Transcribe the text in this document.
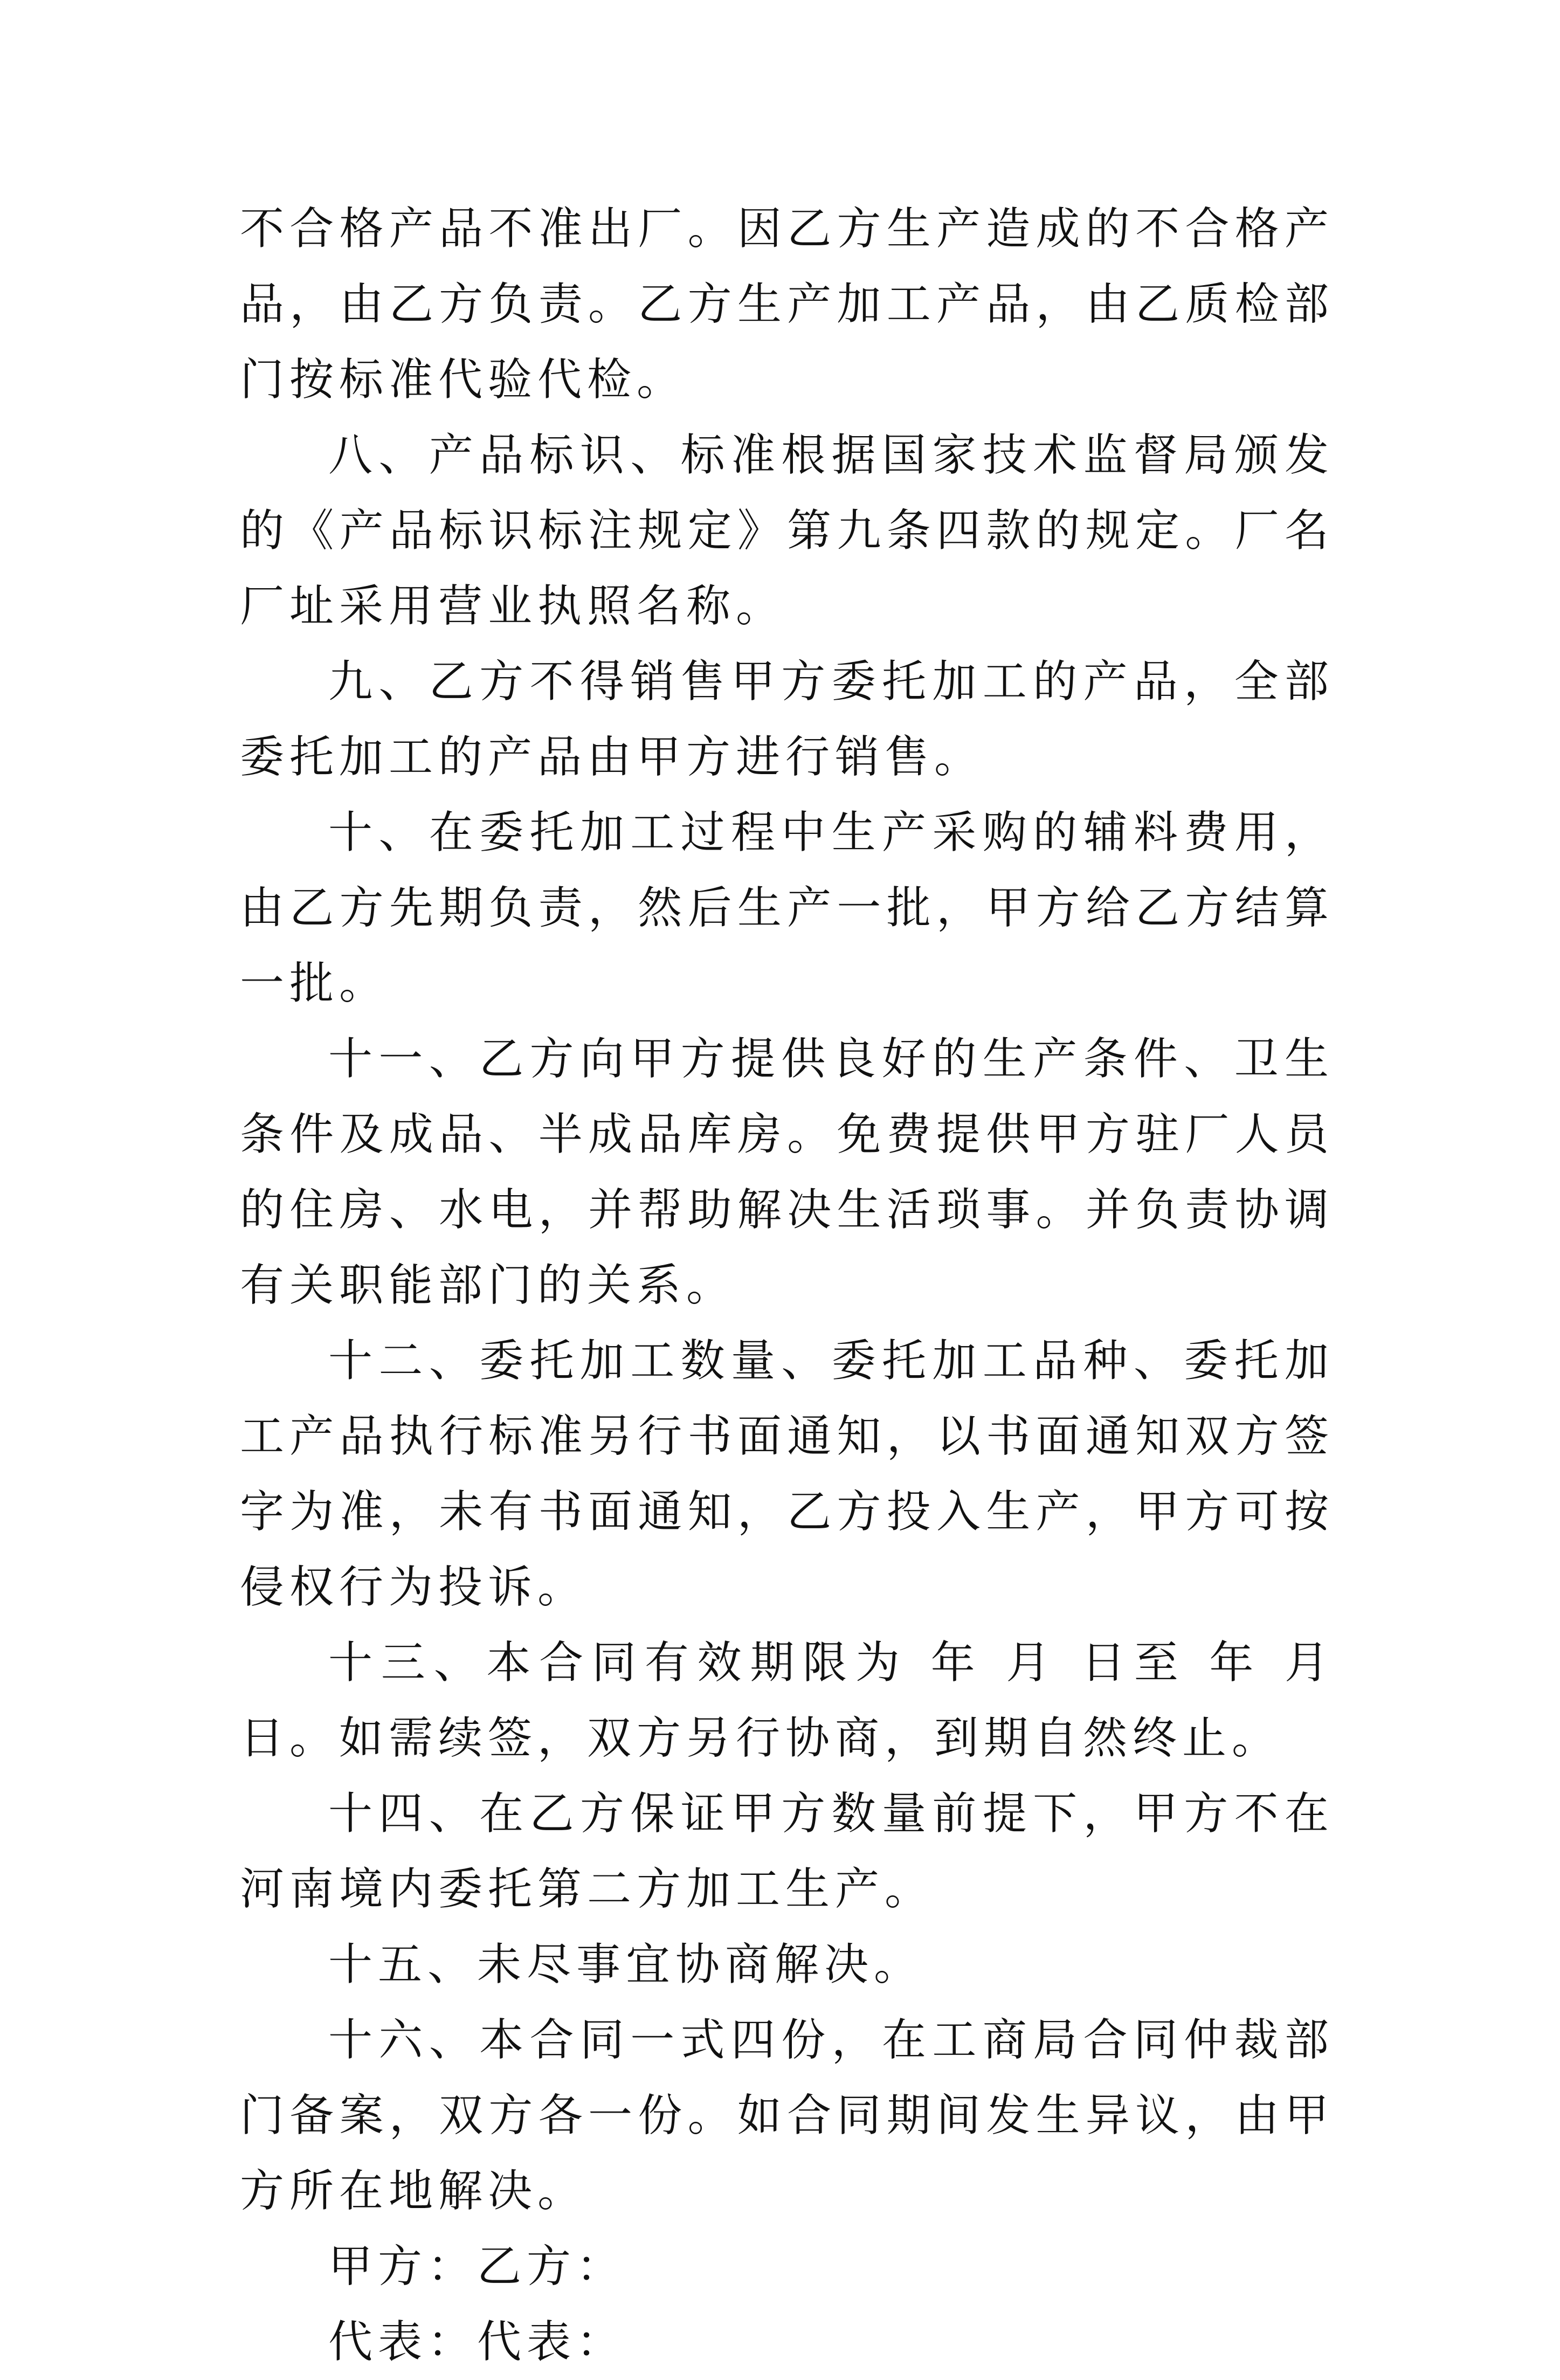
不合格产品不准出厂。因乙方生产造成的不合格产品，由乙方负责。乙方生产加工产品，由乙质检部门按标准代验代检。

八、产品标识、标准根据国家技术监督局颁发的《产品标识标注规定》第九条四款的规定。厂名厂址采用营业执照名称。

九、乙方不得销售甲方委托加工的产品，全部委托加工的产品由甲方进行销售。

十、在委托加工过程中生产采购的辅料费用，由乙方先期负责，然后生产一批，甲方给乙方结算一批。

十一、乙方向甲方提供良好的生产条件、卫生条件及成品、半成品库房。免费提供甲方驻厂人员的住房、水电，并帮助解决生活琐事。并负责协调有关职能部门的关系。

十二、委托加工数量、委托加工品种、委托加工产品执行标准另行书面通知，以书面通知双方签字为准，未有书面通知，乙方投入生产，甲方可按侵权行为投诉。

十三、本合同有效期限为 年 月 日至 年 月 日。如需续签，双方另行协商，到期自然终止。

十四、在乙方保证甲方数量前提下，甲方不在河南境内委托第二方加工生产。

十五、未尽事宜协商解决。

十六、本合同一式四份，在工商局合同仲裁部门备案，双方各一份。如合同期间发生异议，由甲方所在地解决。

甲方：乙方：

代表：代表：
